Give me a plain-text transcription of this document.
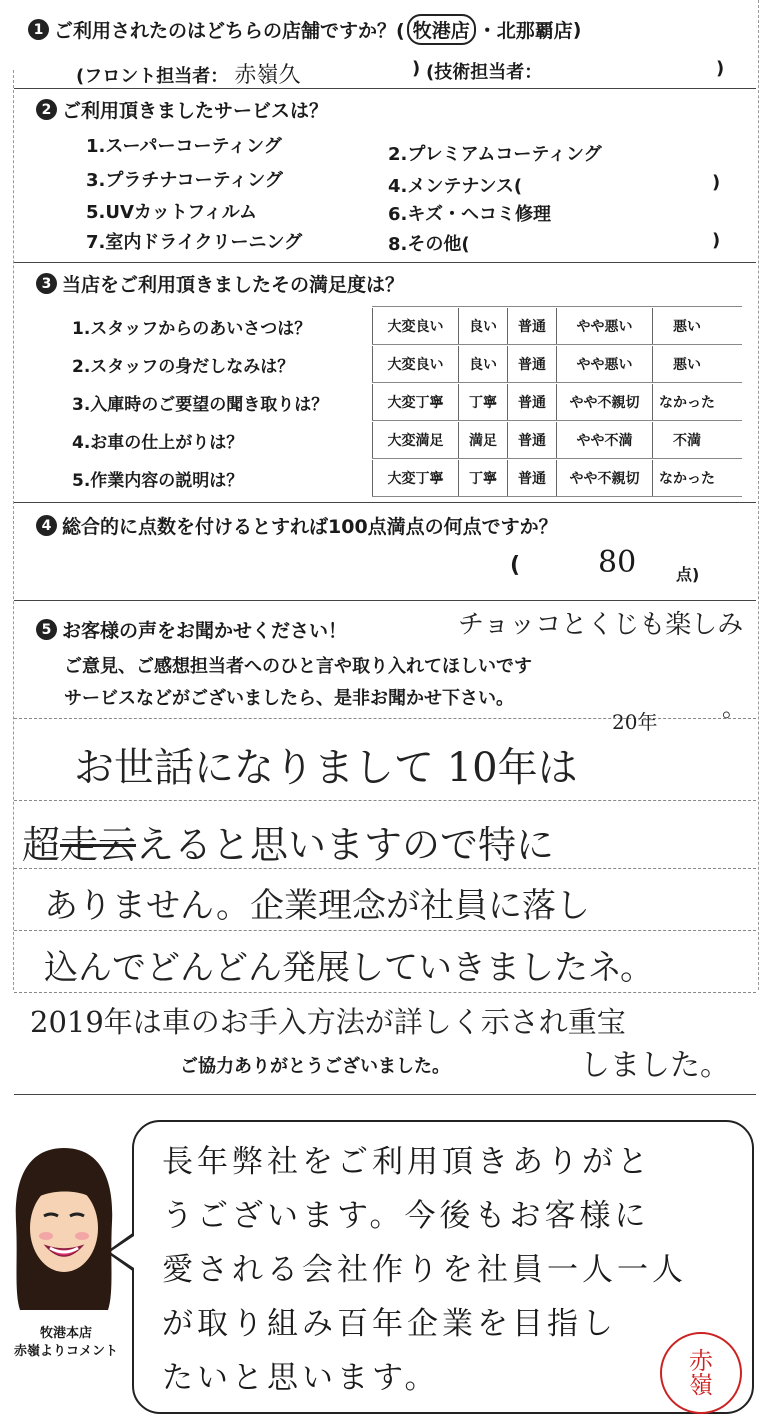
1 ご利用されたのはどちらの店舗ですか？( 牧港店 ・ 北那覇店 )
(フロント担当者： 赤嶺久	) (技術担当者：	)
2 ご利用頂きましたサービスは？
1.スーパーコーティング	2.プレミアムコーティング
3.プラチナコーティング	4.メンテナンス(	)
5.UVカットフィルム	6.キズ・ヘコミ修理
7.室内ドライクリーニング	8.その他(	)
3 当店をご利用頂きましたその満足度は？
1.スタッフからのあいさつは？	大変良い	良い	普通	やや悪い	悪い
2.スタッフの身だしなみは？	大変良い	良い	普通	やや悪い	悪い
3.入庫時のご要望の聞き取りは？	大変丁寧	丁寧	普通	やや不親切	なかった
4.お車の仕上がりは？	大変満足	満足	普通	やや不満	不満
5.作業内容の説明は？	大変丁寧	丁寧	普通	やや不親切	なかった
4 総合的に点数を付けるとすれば100点満点の何点ですか？
(	80 点)
5 お客様の声をお聞かせください！	チョッコとくじも楽しみ
ご意見、ご感想担当者へのひと言や取り入れてほしいです
サービスなどがございましたら、是非お聞かせ下さい。	。
20年
お世話になりまして 10年は
超走云えると思いますので特に
ありません。企業理念が社員に落し
込んでどんどん発展していきましたネ。
2019年は車のお手入方法が詳しく示され重宝
ご協力ありがとうございました。	しました。
長年弊社をご利用頂きありがと
うございます。今後もお客様に
愛される会社作りを社員一人一人
が取り組み百年企業を目指し
たいと思います。
牧港本店
赤嶺よりコメント	赤
嶺
